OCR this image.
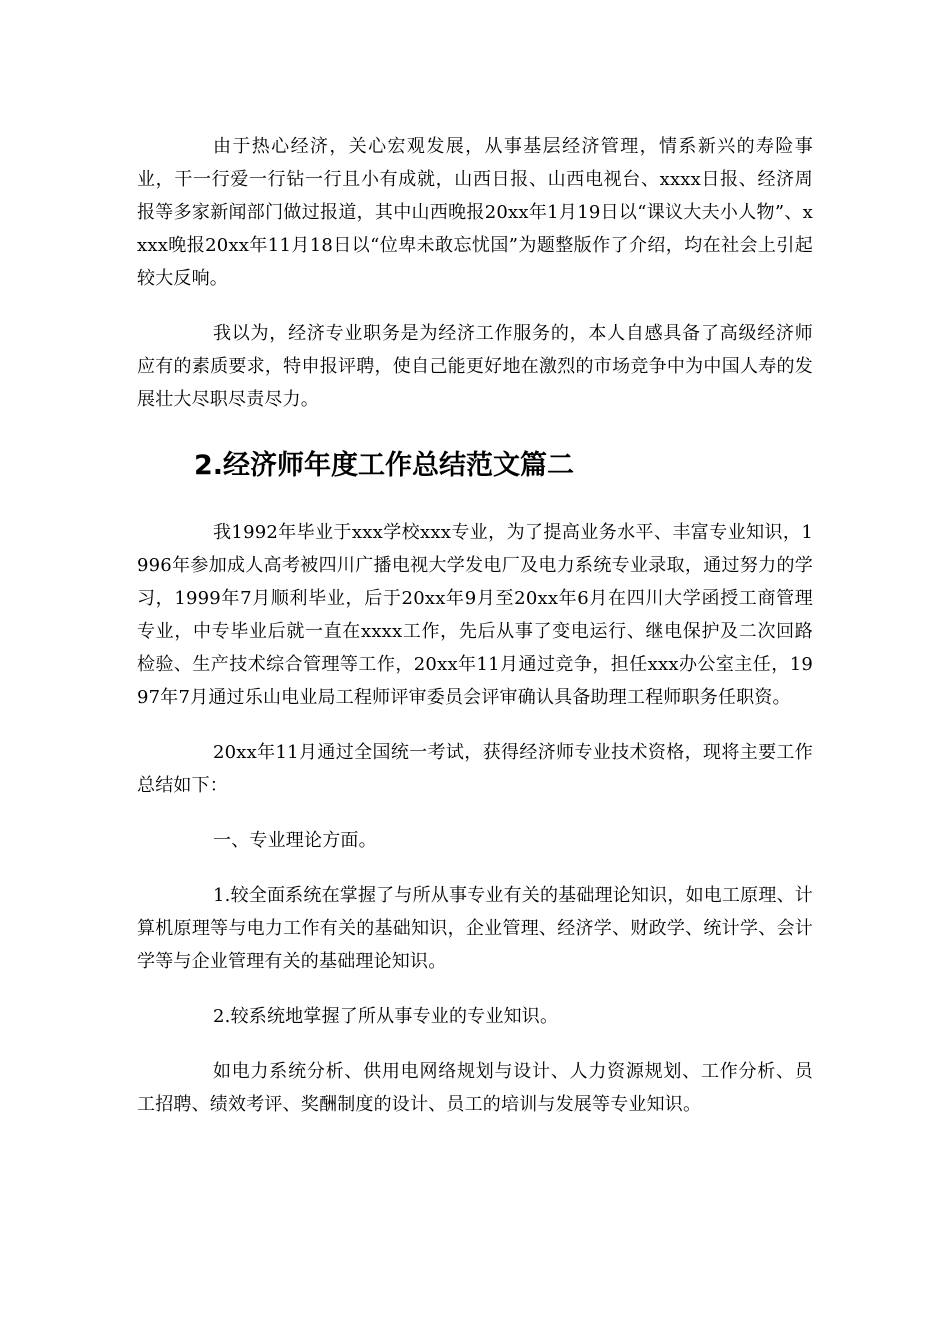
由于热心经济，关心宏观发展，从事基层经济管理，情系新兴的寿险事业，干一行爱一行钻一行且小有成就，山西日报、山西电视台、xxxx日报、经济周报等多家新闻部门做过报道，其中山西晚报20xx年1月19日以“课议大夫小人物”、xxxx晚报20xx年11月18日以“位卑未敢忘忧国”为题整版作了介绍，均在社会上引起较大反响。

我以为，经济专业职务是为经济工作服务的，本人自感具备了高级经济师应有的素质要求，特申报评聘，使自己能更好地在激烈的市场竞争中为中国人寿的发展壮大尽职尽责尽力。

2.经济师年度工作总结范文篇二

我1992年毕业于xxx学校xxx专业，为了提高业务水平、丰富专业知识，1996年参加成人高考被四川广播电视大学发电厂及电力系统专业录取，通过努力的学习，1999年7月顺利毕业，后于20xx年9月至20xx年6月在四川大学函授工商管理专业，中专毕业后就一直在xxxx工作，先后从事了变电运行、继电保护及二次回路检验、生产技术综合管理等工作，20xx年11月通过竞争，担任xxx办公室主任，1997年7月通过乐山电业局工程师评审委员会评审确认具备助理工程师职务任职资。

20xx年11月通过全国统一考试，获得经济师专业技术资格，现将主要工作总结如下：

一、专业理论方面。

1.较全面系统在掌握了与所从事专业有关的基础理论知识，如电工原理、计算机原理等与电力工作有关的基础知识，企业管理、经济学、财政学、统计学、会计学等与企业管理有关的基础理论知识。

2.较系统地掌握了所从事专业的专业知识。

如电力系统分析、供用电网络规划与设计、人力资源规划、工作分析、员工招聘、绩效考评、奖酬制度的设计、员工的培训与发展等专业知识。
